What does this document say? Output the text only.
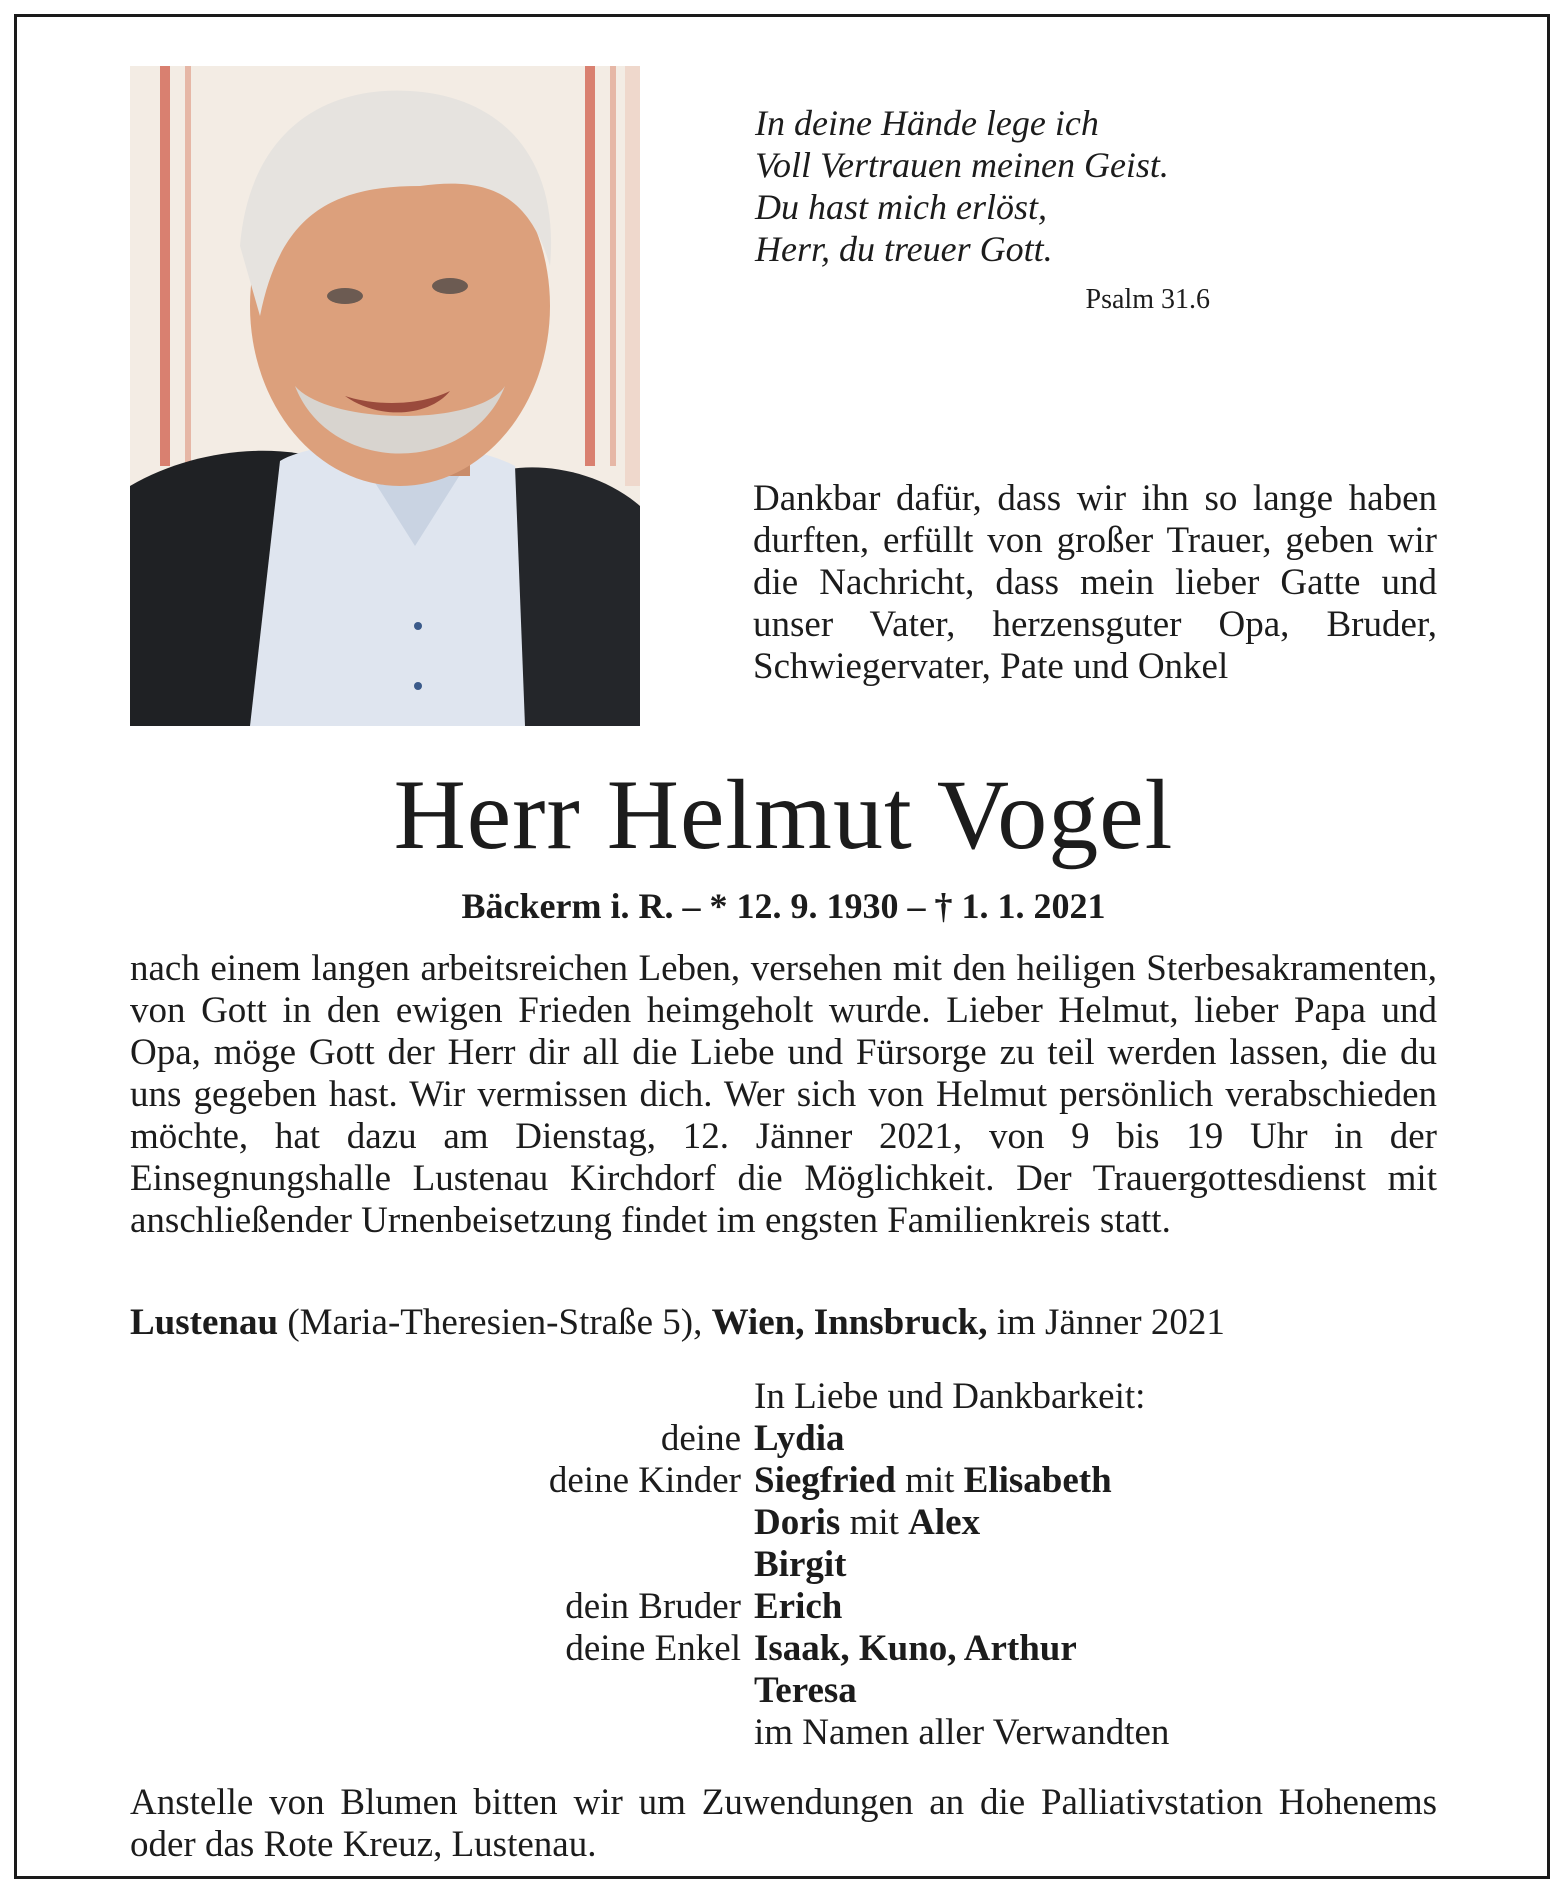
In deine Hände lege ich
Voll Vertrauen meinen Geist.
Du hast mich erlöst,
Herr, du treuer Gott.
Psalm 31.6
Dankbar dafür, dass wir ihn so lange haben durften, erfüllt von großer Trauer, geben wir die Nachricht, dass mein lieber Gatte und unser Vater, herzensguter Opa, Bruder, Schwiegervater, Pate und Onkel
Herr Helmut Vogel
Bäckerm i. R. – * 12. 9. 1930 – † 1. 1. 2021
nach einem langen arbeitsreichen Leben, versehen mit den heiligen Sterbesakramenten, von Gott in den ewigen Frieden heimgeholt wurde. Lieber Helmut, lieber Papa und Opa, möge Gott der Herr dir all die Liebe und Fürsorge zu teil werden lassen, die du uns gegeben hast. Wir vermissen dich. Wer sich von Helmut persönlich verabschieden möchte, hat dazu am Dienstag, 12. Jänner 2021, von 9 bis 19 Uhr in der Einsegnungshalle Lustenau Kirchdorf die Möglichkeit. Der Trauergottesdienst mit anschließender Urnenbeisetzung findet im engsten Familienkreis statt.
Lustenau (Maria-Theresien-Straße 5), Wien, Innsbruck, im Jänner 2021
In Liebe und Dankbarkeit:
deine Lydia
deine Kinder Siegfried mit Elisabeth
Doris mit Alex
Birgit
dein Bruder Erich
deine Enkel Isaak, Kuno, Arthur
Teresa
im Namen aller Verwandten
Anstelle von Blumen bitten wir um Zuwendungen an die Palliativstation Hohenems oder das Rote Kreuz, Lustenau.
